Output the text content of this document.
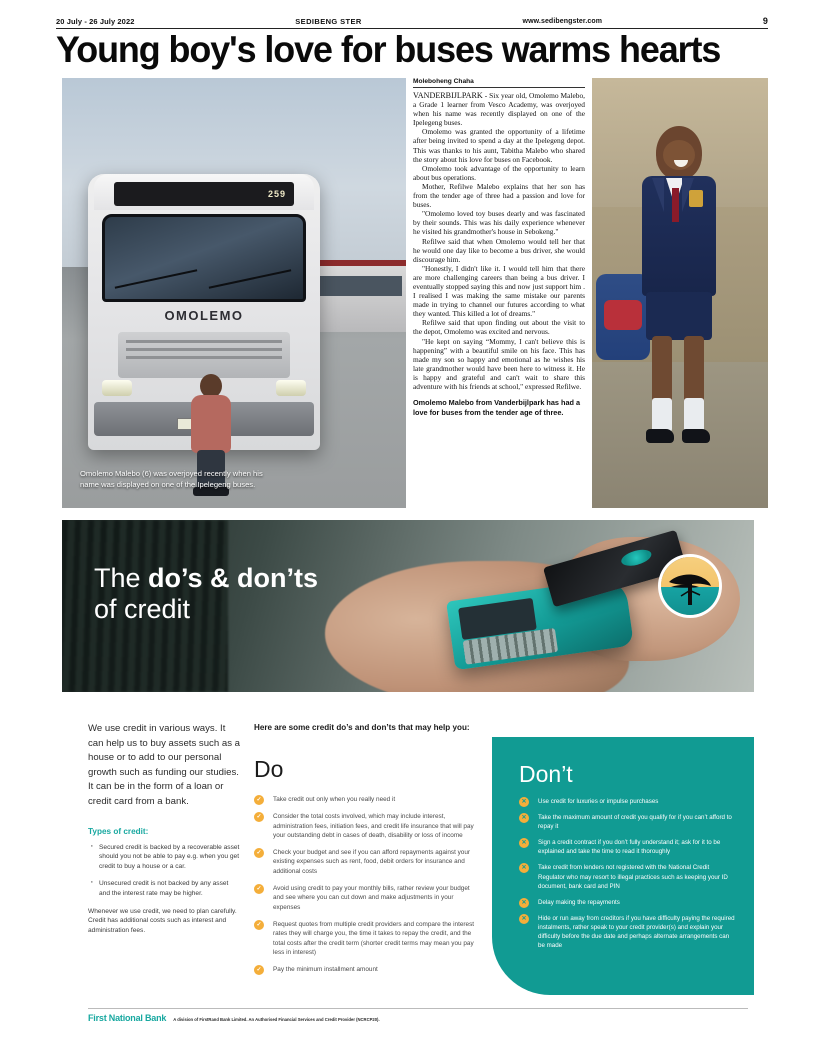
20 July - 26 July 2022	SEDIBENG STER	www.sedibengster.com	9
Young boy's love for buses warms hearts
259
OMOLEMO
Omolemo Malebo (6) was overjoyed recently when his name was displayed on one of the Ipelegeng buses.
Moleboheng Chaha

VANDERBIJLPARK - Six year old, Omolemo Malebo, a Grade 1 learner from Vesco Academy, was overjoyed when his name was recently displayed on one of the Ipelegeng buses.

Omolemo was granted the opportunity of a lifetime after being invited to spend a day at the Ipelegeng depot. This was thanks to his aunt, Tabitha Malebo who shared the story about his love for buses on Facebook.

Omolemo took advantage of the opportunity to learn about bus operations.

Mother, Refilwe Malebo explains that her son has from the tender age of three had a passion and love for buses.

"Omolemo loved toy buses dearly and was fascinated by their sounds. This was his daily experience whenever he visited his grandmother's house in Sebokeng."

Refilwe said that when Omolemo would tell her that he would one day like to become a bus driver, she would discourage him.

"Honestly, I didn't like it. I would tell him that there are more challenging careers than being a bus driver. I eventually stopped saying this and now just support him . I realised I was making the same mistake our parents made in trying to channel our futures according to what they wanted. This killed a lot of dreams."

Refilwe said that upon finding out about the visit to the depot, Omolemo was excited and nervous.

"He kept on saying “Mommy, I can't believe this is happening” with a beautiful smile on his face. This has made my son so happy and emotional as he wishes his late grandmother would have been here to witness it. He is happy and grateful and can't wait to share this adventure with his friends at school," expressed Refilwe.

Omolemo Malebo from Vanderbijlpark has had a love for buses from the tender age of three.

The do’s & don’ts
of credit

We use credit in various ways. It can help us to buy assets such as a house or to add to our personal growth such as funding our studies. It can be in the form of a loan or credit card from a bank.

Types of credit:
· Secured credit is backed by a recoverable asset should you not be able to pay e.g. when you get credit to buy a house or a car.
· Unsecured credit is not backed by any asset and the interest rate may be higher.

Whenever we use credit, we need to plan carefully. Credit has additional costs such as interest and administration fees.

Here are some credit do’s and don’ts that may help you:

Do
✓	Take credit out only when you really need it
✓	Consider the total costs involved, which may include interest, administration fees, initiation fees, and credit life insurance that will pay your outstanding debt in cases of death, disability or loss of income
✓	Check your budget and see if you can afford repayments against your existing expenses such as rent, food, debit orders for insurance and additional costs
✓	Avoid using credit to pay your monthly bills, rather review your budget and see where you can cut down and make adjustments in your expenses
✓	Request quotes from multiple credit providers and compare the interest rates they will charge you, the time it takes to repay the credit, and the total costs after the credit term (shorter credit terms may mean you pay less in interest)
✓	Pay the minimum installment amount
Don’t
✕	Use credit for luxuries or impulse purchases
✕	Take the maximum amount of credit you qualify for if you can’t afford to repay it
✕	Sign a credit contract if you don’t fully understand it; ask for it to be explained and take the time to read it thoroughly
✕	Take credit from lenders not registered with the National Credit Regulator who may resort to illegal practices such as keeping your ID document, bank card and PIN
✕	Delay making the repayments
✕	Hide or run away from creditors if you have difficulty paying the required instalments, rather speak to your credit provider(s) and explain your difficulty before the due date and perhaps alternate arrangements can be made
First National Bank A division of FirstRand Bank Limited. An Authorised Financial Services and Credit Provider (NCRCP20).
